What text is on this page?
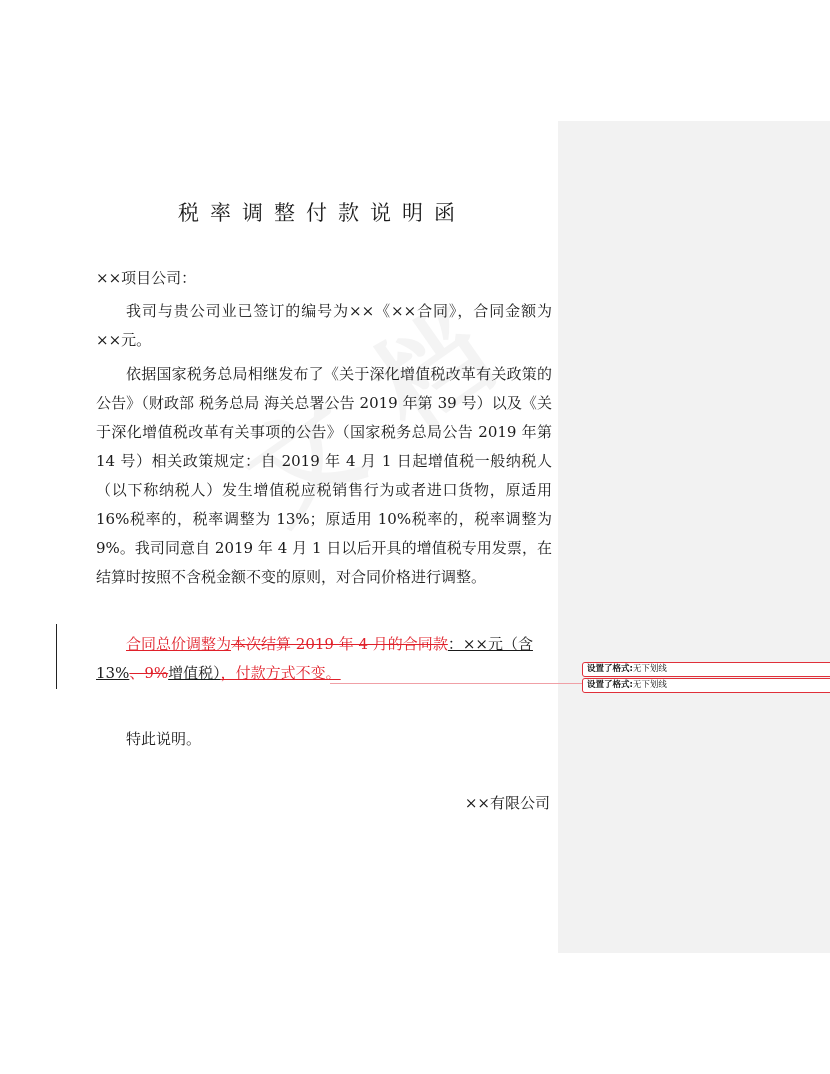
设置了格式:无下划线
设置了格式:无下划线
税率调整付款说明函
××项目公司：

我司与贵公司业已签订的编号为××《××合同》，合同金额为××元。

依据国家税务总局相继发布了《关于深化增值税改革有关政策的公告》（财政部 税务总局 海关总署公告 2019 年第 39 号）以及《关于深化增值税改革有关事项的公告》（国家税务总局公告 2019 年第 14 号）相关政策规定：自 2019 年 4 月 1 日起增值税一般纳税人（以下称纳税人）发生增值税应税销售行为或者进口货物，原适用 16%税率的，税率调整为 13%；原适用 10%税率的，税率调整为 9%。我司同意自 2019 年 4 月 1 日以后开具的增值税专用发票，在结算时按照不含税金额不变的原则，对合同价格进行调整。

合同总价调整为本次结算 2019 年 4 月的合同款：××元（含 13%、9%增值税），付款方式不变。

特此说明。
××有限公司
